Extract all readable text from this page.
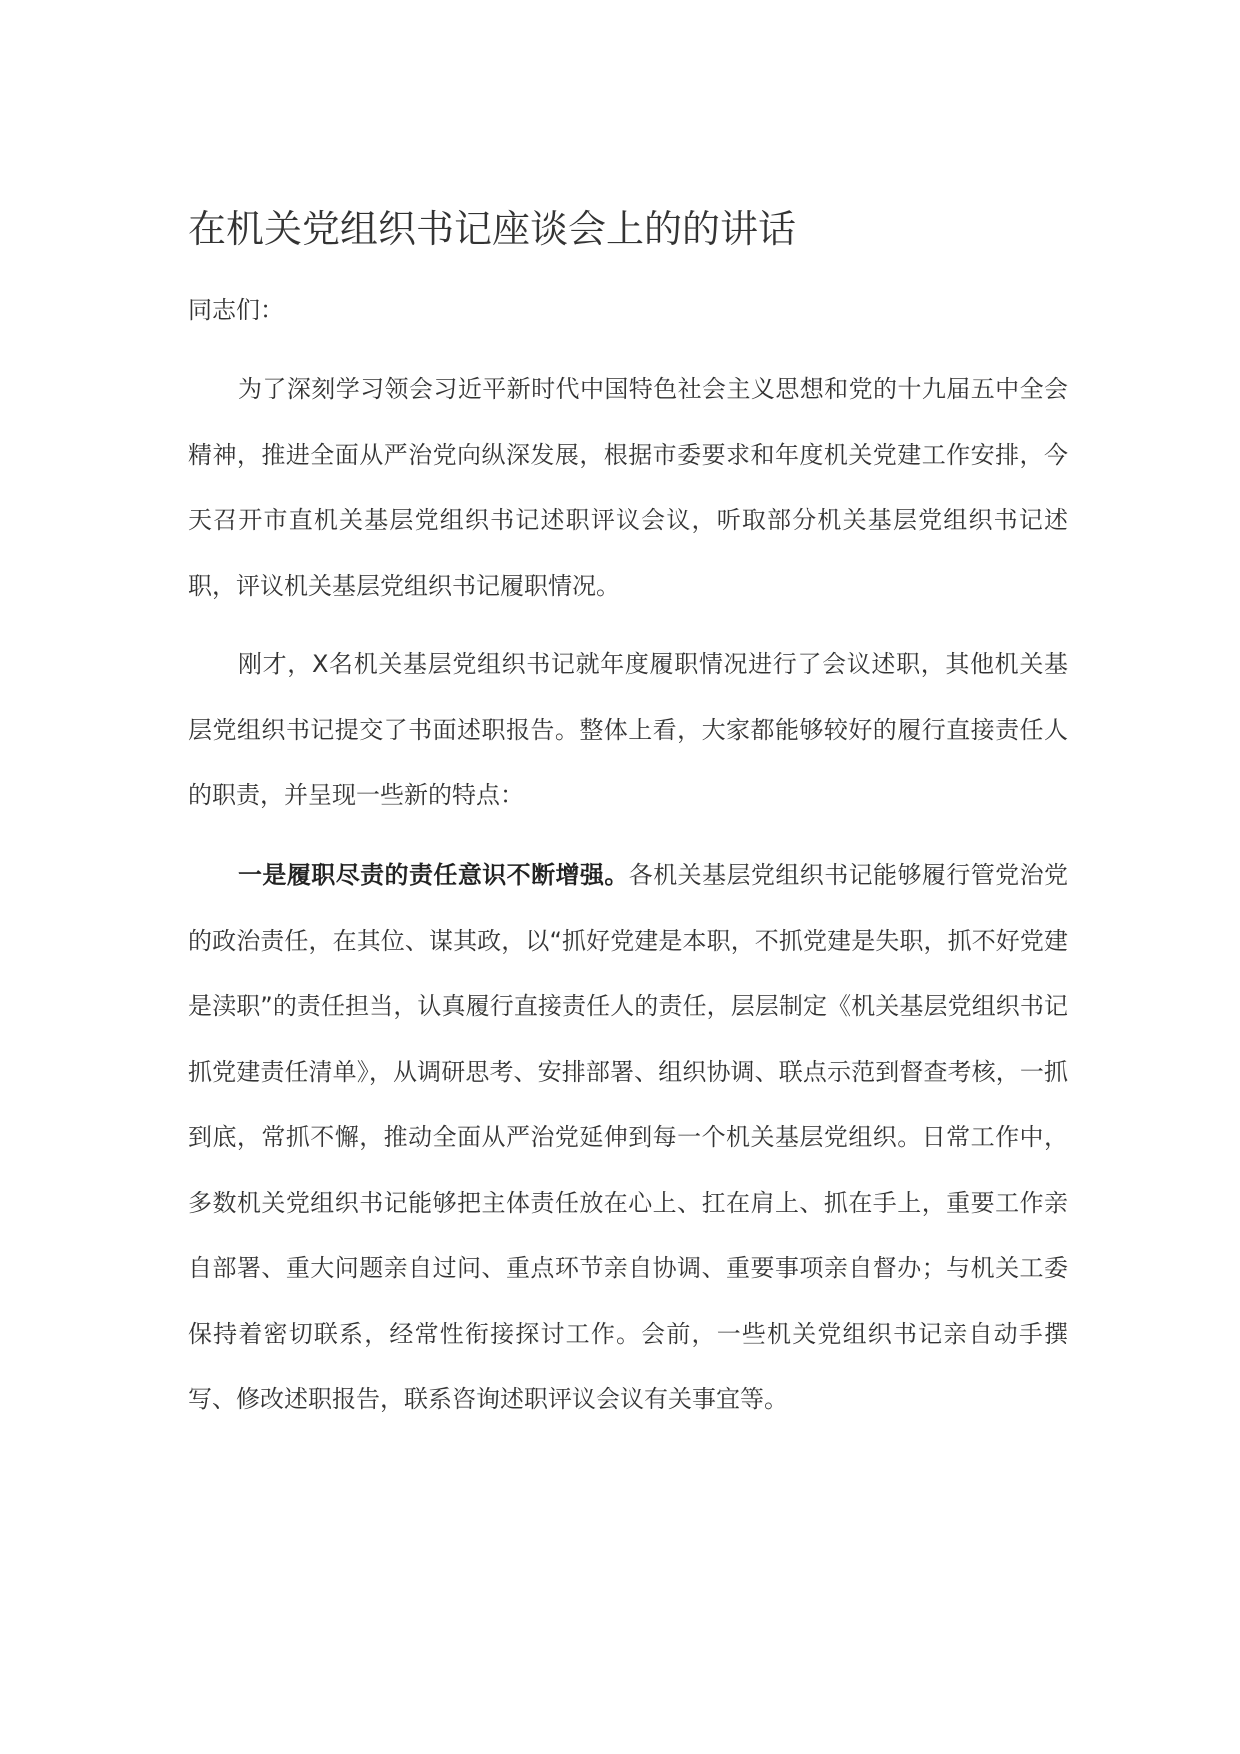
在机关党组织书记座谈会上的的讲话

同志们：

为了深刻学习领会习近平新时代中国特色社会主义思想和党的十九届五中全会精神，推进全面从严治党向纵深发展，根据市委要求和年度机关党建工作安排，今天召开市直机关基层党组织书记述职评议会议，听取部分机关基层党组织书记述职，评议机关基层党组织书记履职情况。

刚才，X名机关基层党组织书记就年度履职情况进行了会议述职，其他机关基层党组织书记提交了书面述职报告。整体上看，大家都能够较好的履行直接责任人的职责，并呈现一些新的特点：

一是履职尽责的责任意识不断增强。各机关基层党组织书记能够履行管党治党的政治责任，在其位、谋其政，以“抓好党建是本职，不抓党建是失职，抓不好党建是渎职”的责任担当，认真履行直接责任人的责任，层层制定《机关基层党组织书记抓党建责任清单》，从调研思考、安排部署、组织协调、联点示范到督查考核，一抓到底，常抓不懈，推动全面从严治党延伸到每一个机关基层党组织。日常工作中，多数机关党组织书记能够把主体责任放在心上、扛在肩上、抓在手上，重要工作亲自部署、重大问题亲自过问、重点环节亲自协调、重要事项亲自督办；与机关工委保持着密切联系，经常性衔接探讨工作。会前，一些机关党组织书记亲自动手撰写、修改述职报告，联系咨询述职评议会议有关事宜等。
